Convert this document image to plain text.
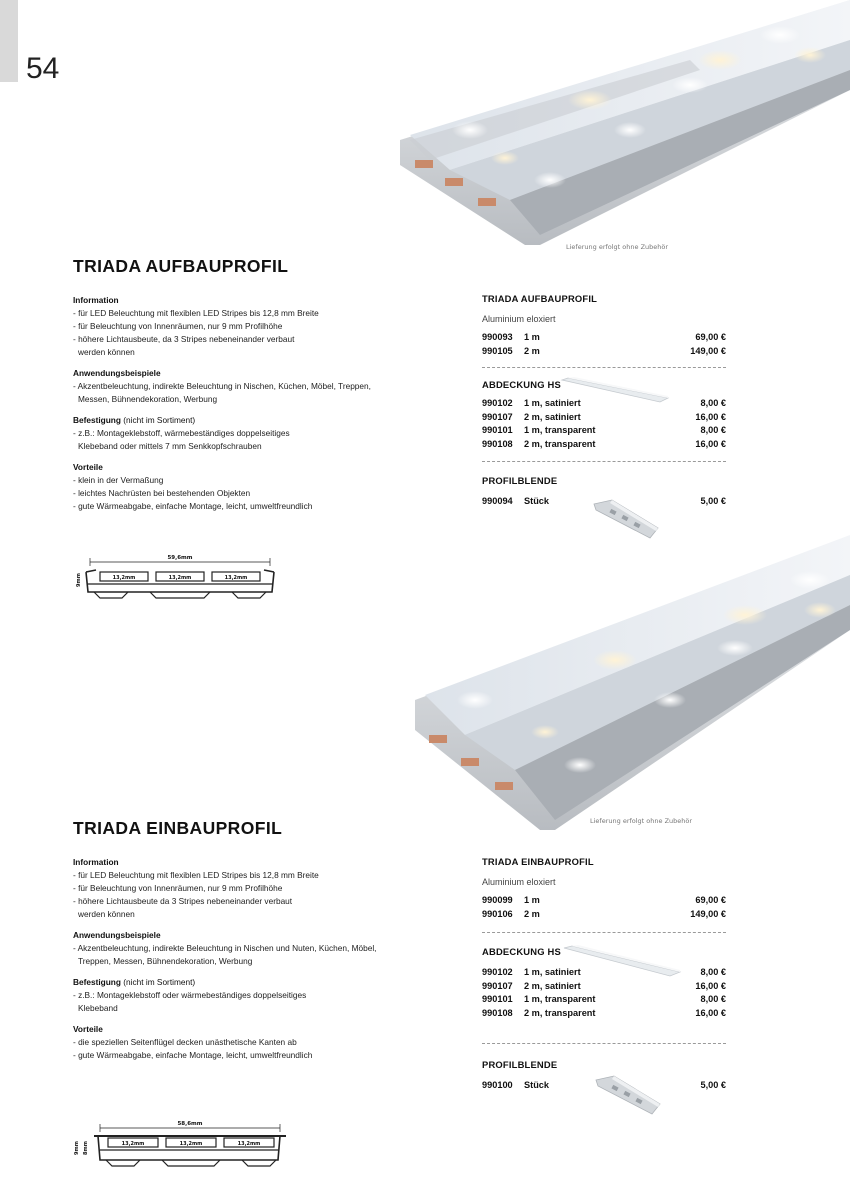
54
Lieferung erfolgt ohne Zubehör
TRIADA AUFBAUPROFIL
Information
- für LED Beleuchtung mit flexiblen LED Stripes bis 12,8 mm Breite
- für Beleuchtung von Innenräumen, nur 9 mm Profilhöhe
- höhere Lichtausbeute, da 3 Stripes nebeneinander verbaut
werden können
Anwendungsbeispiele
- Akzentbeleuchtung, indirekte Beleuchtung in Nischen, Küchen, Möbel, Treppen,
Messen, Bühnendekoration, Werbung
Befestigung (nicht im Sortiment)
- z.B.: Montageklebstoff, wärmebeständiges doppelseitiges
Klebeband oder mittels 7 mm Senkkopfschrauben
Vorteile
- klein in der Vermaßung
- leichtes Nachrüsten bei bestehenden Objekten
- gute Wärmeabgabe, einfache Montage, leicht, umweltfreundlich
59,6mm
9mm	13,2mm	13,2mm	13,2mm
TRIADA AUFBAUPROFIL
Aluminium eloxiert
990093	1 m	69,00 €
990105	2 m	149,00 €
ABDECKUNG HS
990102	1 m, satiniert	8,00 €
990107	2 m, satiniert	16,00 €
990101	1 m, transparent	8,00 €
990108	2 m, transparent	16,00 €
PROFILBLENDE
990094	Stück	5,00 €
Lieferung erfolgt ohne Zubehör
TRIADA EINBAUPROFIL
Information
- für LED Beleuchtung mit flexiblen LED Stripes bis 12,8 mm Breite
- für Beleuchtung von Innenräumen, nur 9 mm Profilhöhe
- höhere Lichtausbeute da 3 Stripes nebeneinander verbaut
werden können
Anwendungsbeispiele
- Akzentbeleuchtung, indirekte Beleuchtung in Nischen und Nuten, Küchen, Möbel,
Treppen, Messen, Bühnendekoration, Werbung
Befestigung (nicht im Sortiment)
- z.B.: Montageklebstoff oder wärmebeständiges doppelseitiges
Klebeband
Vorteile
- die speziellen Seitenflügel decken unästhetische Kanten ab
- gute Wärmeabgabe, einfache Montage, leicht, umweltfreundlich
58,6mm
9mm 8mm	13,2mm	13,2mm	13,2mm
TRIADA EINBAUPROFIL
Aluminium eloxiert
990099	1 m	69,00 €
990106	2 m	149,00 €
ABDECKUNG HS
990102	1 m, satiniert	8,00 €
990107	2 m, satiniert	16,00 €
990101	1 m, transparent	8,00 €
990108	2 m, transparent	16,00 €
PROFILBLENDE
990100	Stück	5,00 €
